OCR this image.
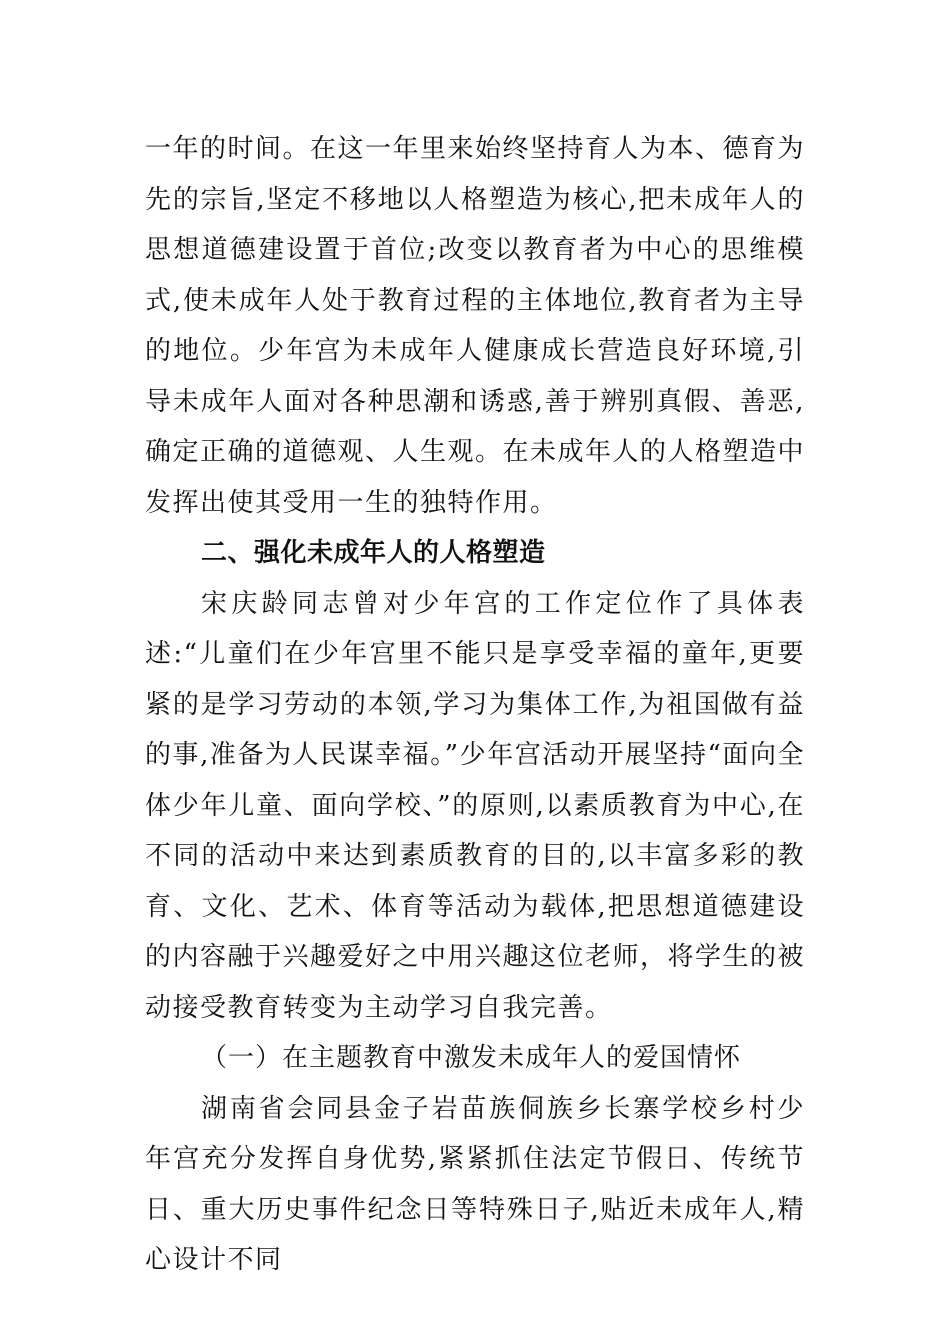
一年的时间。在这一年里来始终坚持育人为本、德育为先的宗旨,坚定不移地以人格塑造为核心,把未成年人的思想道德建设置于首位;改变以教育者为中心的思维模式,使未成年人处于教育过程的主体地位,教育者为主导的地位。少年宫为未成年人健康成长营造良好环境,引导未成年人面对各种思潮和诱惑,善于辨别真假、善恶,确定正确的道德观、人生观。在未成年人的人格塑造中发挥出使其受用一生的独特作用。

二、强化未成年人的人格塑造

宋庆龄同志曾对少年宫的工作定位作了具体表述:“儿童们在少年宫里不能只是享受幸福的童年,更要紧的是学习劳动的本领,学习为集体工作,为祖国做有益的事,准备为人民谋幸福。”少年宫活动开展坚持“面向全体少年儿童、面向学校、”的原则,以素质教育为中心,在不同的活动中来达到素质教育的目的,以丰富多彩的教育、文化、艺术、体育等活动为载体,把思想道德建设的内容融于兴趣爱好之中用兴趣这位老师，将学生的被动接受教育转变为主动学习自我完善。

（一）在主题教育中激发未成年人的爱国情怀

湖南省会同县金子岩苗族侗族乡长寨学校乡村少年宫充分发挥自身优势,紧紧抓住法定节假日、传统节日、重大历史事件纪念日等特殊日子,贴近未成年人,精心设计不同
